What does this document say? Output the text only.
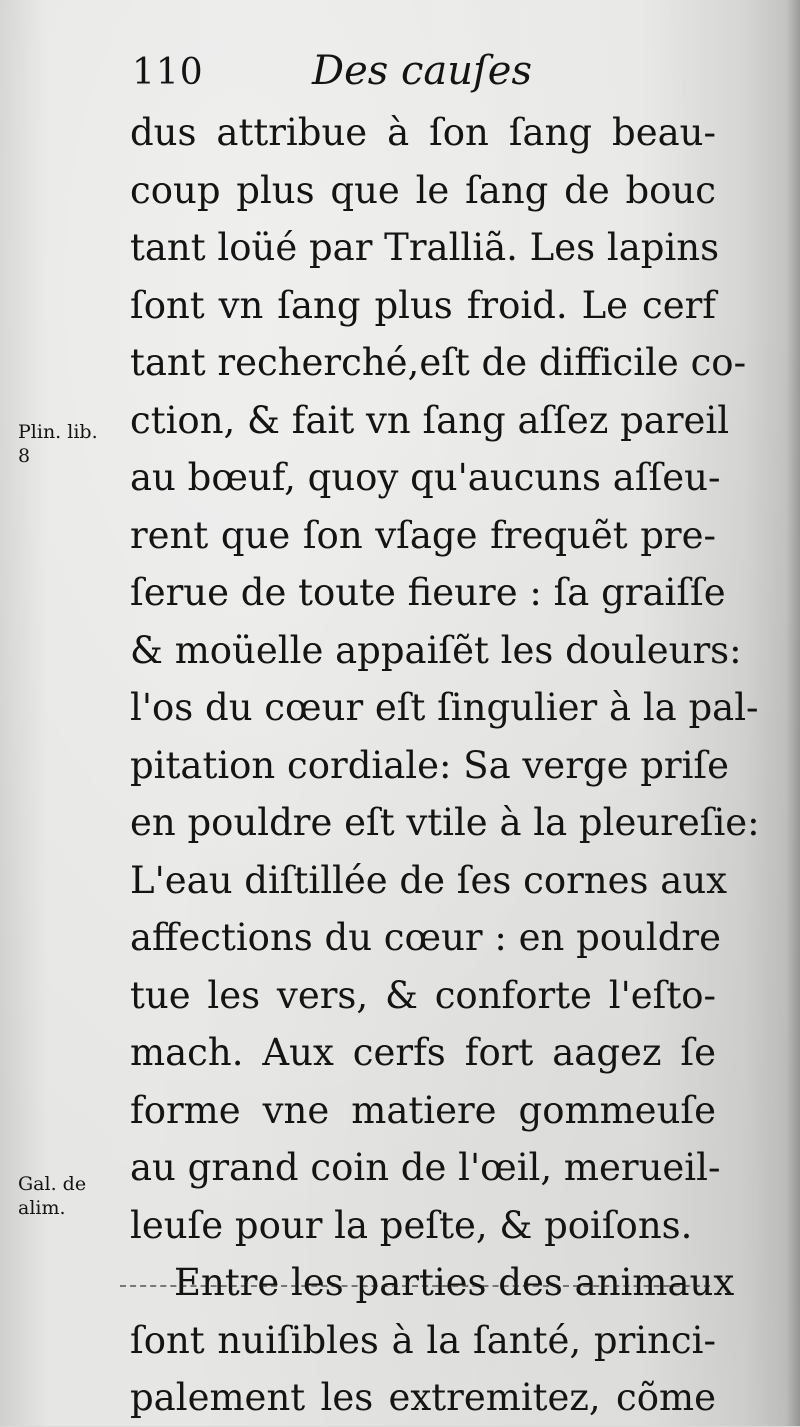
110	Des cauſes
Plin. lib.
8
Gal. de
alim.
dus attribue à ſon ſang beau-
coup plus que le ſang de bouc
tant loüé par Tralliã. Les lapins
ſont vn ſang plus froid. Le cerf
tant recherché,eſt de difficile co-
ction, & fait vn ſang aſſez pareil
au bœuf, quoy qu'aucuns aſſeu-
rent que ſon vſage frequẽt pre-
ſerue de toute fieure : ſa graiſſe
& moüelle appaiſẽt les douleurs:
l'os du cœur eſt ſingulier à la pal-
pitation cordiale: Sa verge priſe
en pouldre eſt vtile à la pleureſie:
L'eau diſtillée de ſes cornes aux
affections du cœur : en pouldre
tue les vers, & conforte l'eſto-
mach. Aux cerfs fort aagez ſe
forme vne matiere gommeuſe
au grand coin de l'œil, merueil-
leuſe pour la peſte, & poiſons.
Entre les parties des animaux
ſont nuiſibles à la ſanté, princi-
palement les extremitez, cõme
